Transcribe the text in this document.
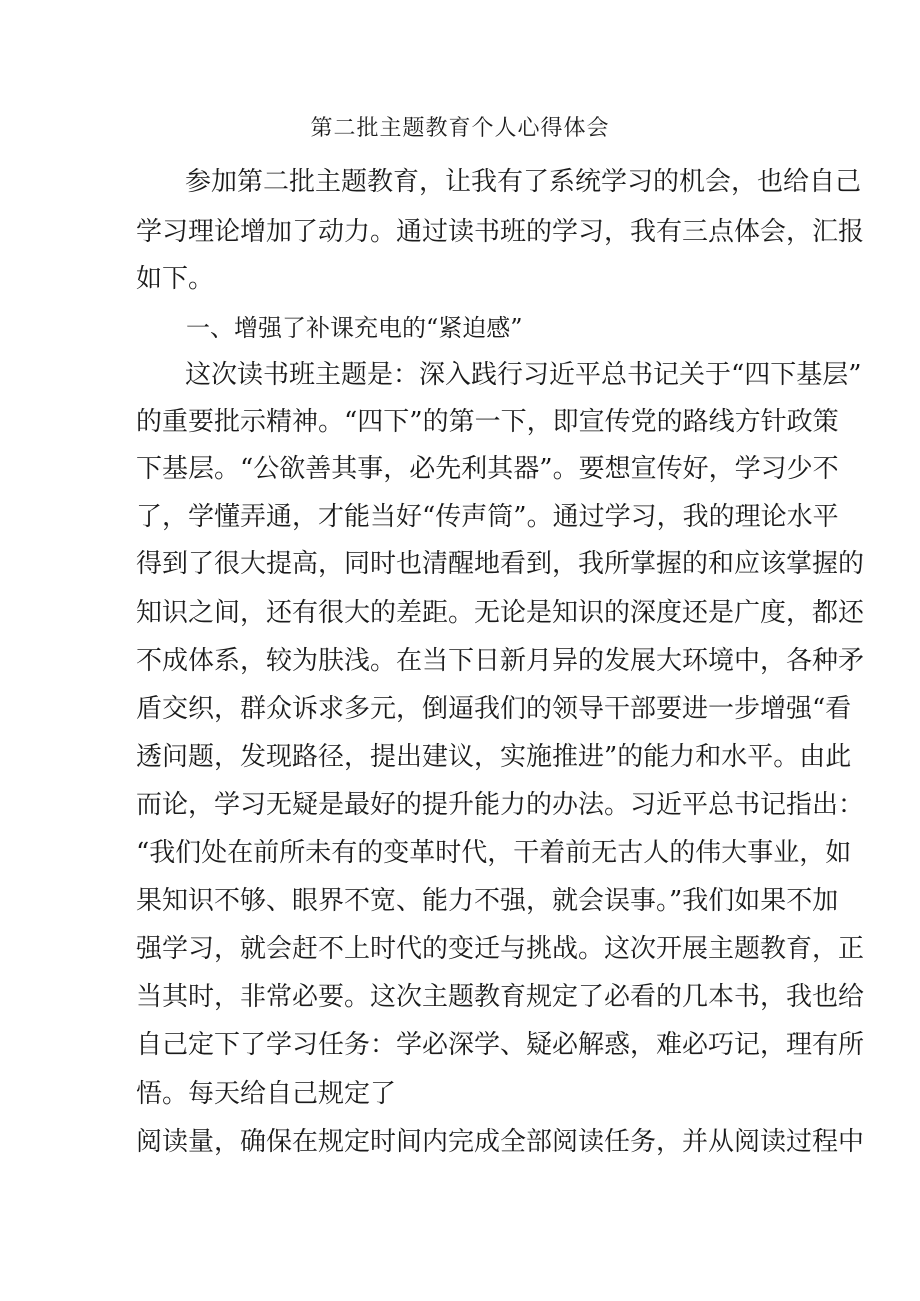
第二批主题教育个人心得体会
参加第二批主题教育，让我有了系统学习的机会，也给自己
学习理论增加了动力。通过读书班的学习，我有三点体会，汇报
如下。
一、增强了补课充电的“紧迫感”
这次读书班主题是：深入践行习近平总书记关于“四下基层”
的重要批示精神。“四下”的第一下，即宣传党的路线方针政策
下基层。“公欲善其事，必先利其器”。要想宣传好，学习少不
了，学懂弄通，才能当好“传声筒”。通过学习，我的理论水平
得到了很大提高，同时也清醒地看到，我所掌握的和应该掌握的
知识之间，还有很大的差距。无论是知识的深度还是广度，都还
不成体系，较为肤浅。在当下日新月异的发展大环境中，各种矛
盾交织，群众诉求多元，倒逼我们的领导干部要进一步增强“看
透问题，发现路径，提出建议，实施推进”的能力和水平。由此
而论，学习无疑是最好的提升能力的办法。习近平总书记指出：
“我们处在前所未有的变革时代，干着前无古人的伟大事业，如
果知识不够、眼界不宽、能力不强，就会误事。”我们如果不加
强学习，就会赶不上时代的变迁与挑战。这次开展主题教育，正
当其时，非常必要。这次主题教育规定了必看的几本书，我也给
自己定下了学习任务：学必深学、疑必解惑，难必巧记，理有所
悟。每天给自己规定了
阅读量，确保在规定时间内完成全部阅读任务，并从阅读过程中
